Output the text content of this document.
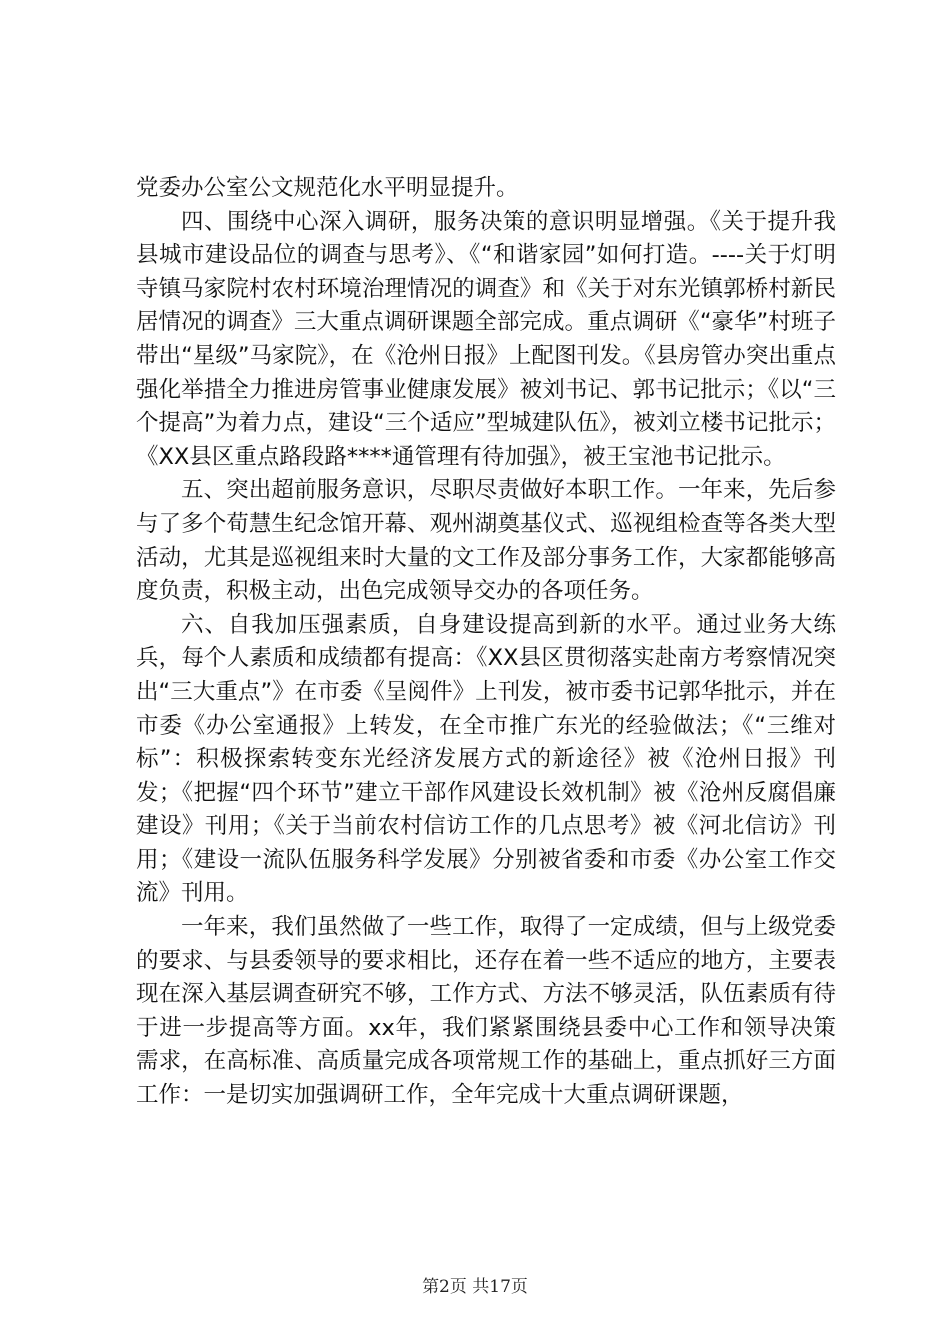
党委办公室公文规范化水平明显提升。

四、围绕中心深入调研，服务决策的意识明显增强。《关于提升我县城市建设品位的调查与思考》、《“和谐家园”如何打造。----关于灯明寺镇马家院村农村环境治理情况的调查》和《关于对东光镇郭桥村新民居情况的调查》三大重点调研课题全部完成。重点调研《“豪华”村班子带出“星级”马家院》，在《沧州日报》上配图刊发。《县房管办突出重点强化举措全力推进房管事业健康发展》被刘书记、郭书记批示；《以“三个提高”为着力点，建设“三个适应”型城建队伍》，被刘立楼书记批示；《XX县区重点路段路****通管理有待加强》，被王宝池书记批示。

五、突出超前服务意识，尽职尽责做好本职工作。一年来，先后参与了多个荀慧生纪念馆开幕、观州湖奠基仪式、巡视组检查等各类大型活动，尤其是巡视组来时大量的文工作及部分事务工作，大家都能够高度负责，积极主动，出色完成领导交办的各项任务。

六、自我加压强素质，自身建设提高到新的水平。通过业务大练兵，每个人素质和成绩都有提高：《XX县区贯彻落实赴南方考察情况突出“三大重点”》在市委《呈阅件》上刊发，被市委书记郭华批示，并在市委《办公室通报》上转发，在全市推广东光的经验做法；《“三维对标”：积极探索转变东光经济发展方式的新途径》被《沧州日报》刊发；《把握“四个环节”建立干部作风建设长效机制》被《沧州反腐倡廉建设》刊用；《关于当前农村信访工作的几点思考》被《河北信访》刊用；《建设一流队伍服务科学发展》分别被省委和市委《办公室工作交流》刊用。

一年来，我们虽然做了一些工作，取得了一定成绩，但与上级党委的要求、与县委领导的要求相比，还存在着一些不适应的地方，主要表现在深入基层调查研究不够，工作方式、方法不够灵活，队伍素质有待于进一步提高等方面。xx年，我们紧紧围绕县委中心工作和领导决策需求，在高标准、高质量完成各项常规工作的基础上，重点抓好三方面工作：一是切实加强调研工作，全年完成十大重点调研课题，

第2页 共17页
